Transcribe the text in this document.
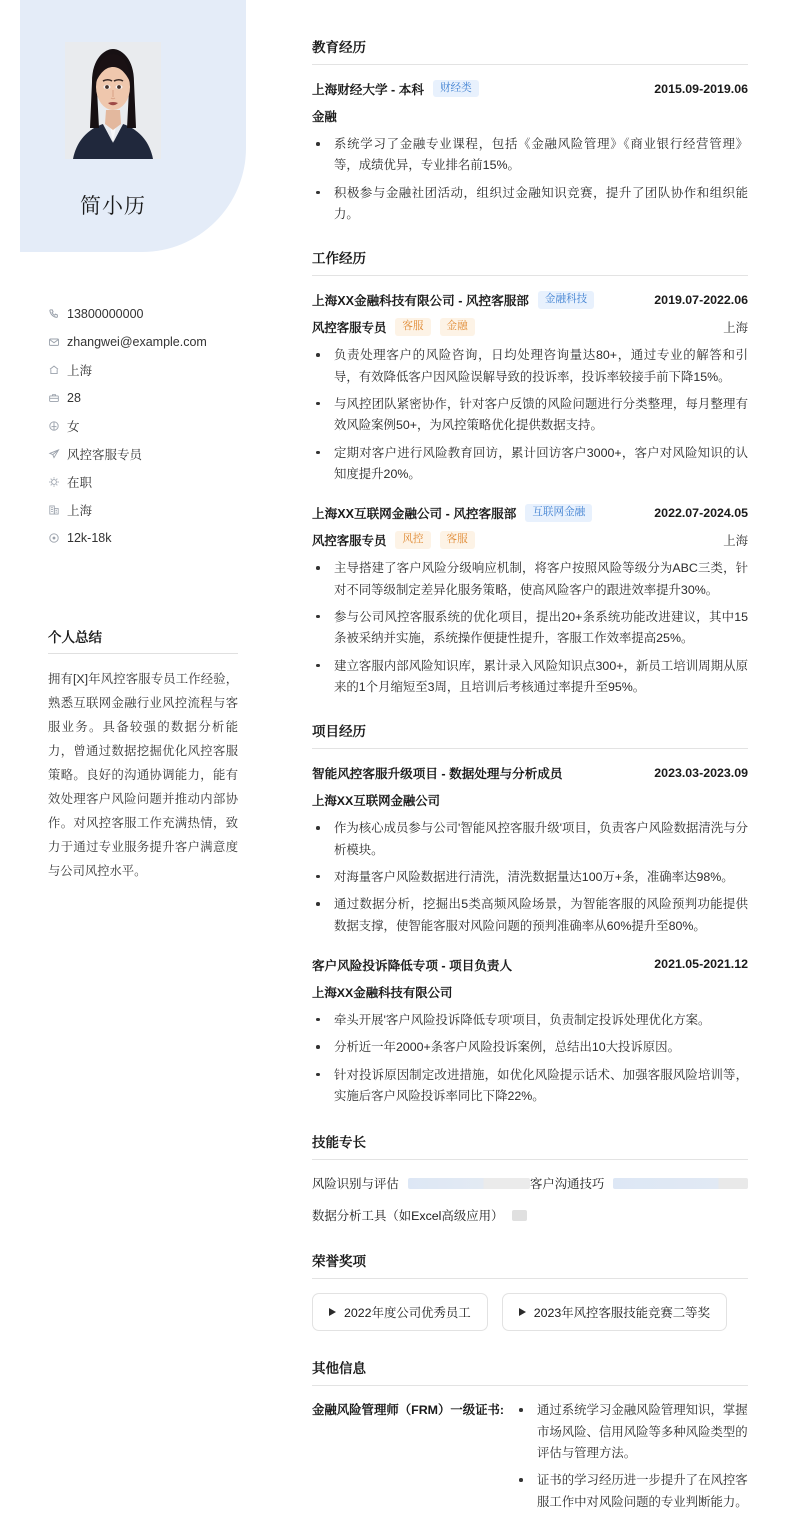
简小历
13800000000
zhangwei@example.com
上海
28
女
风控客服专员
在职
上海
12k-18k
个人总结
拥有[X]年风控客服专员工作经验，熟悉互联网金融行业风控流程与客服业务。具备较强的数据分析能力，曾通过数据挖掘优化风控客服策略。良好的沟通协调能力，能有效处理客户风险问题并推动内部协作。对风控客服工作充满热情，致力于通过专业服务提升客户满意度与公司风控水平。
教育经历
上海财经大学 - 本科	财经类	2015.09-2019.06
金融
系统学习了金融专业课程，包括《金融风险管理》《商业银行经营管理》等，成绩优异，专业排名前15%。
积极参与金融社团活动，组织过金融知识竞赛，提升了团队协作和组织能力。
工作经历
上海XX金融科技有限公司 - 风控客服部	金融科技	2019.07-2022.06
风控客服专员	客服	金融	上海
负责处理客户的风险咨询，日均处理咨询量达80+，通过专业的解答和引导，有效降低客户因风险误解导致的投诉率，投诉率较接手前下降15%。
与风控团队紧密协作，针对客户反馈的风险问题进行分类整理，每月整理有效风险案例50+，为风控策略优化提供数据支持。
定期对客户进行风险教育回访，累计回访客户3000+，客户对风险知识的认知度提升20%。
上海XX互联网金融公司 - 风控客服部	互联网金融	2022.07-2024.05
风控客服专员	风控	客服	上海
主导搭建了客户风险分级响应机制，将客户按照风险等级分为ABC三类，针对不同等级制定差异化服务策略，使高风险客户的跟进效率提升30%。
参与公司风控客服系统的优化项目，提出20+条系统功能改进建议，其中15条被采纳并实施，系统操作便捷性提升，客服工作效率提高25%。
建立客服内部风险知识库，累计录入风险知识点300+，新员工培训周期从原来的1个月缩短至3周，且培训后考核通过率提升至95%。
项目经历
智能风控客服升级项目 - 数据处理与分析成员	2023.03-2023.09
上海XX互联网金融公司
作为核心成员参与公司'智能风控客服升级'项目，负责客户风险数据清洗与分析模块。
对海量客户风险数据进行清洗，清洗数据量达100万+条，准确率达98%。
通过数据分析，挖掘出5类高频风险场景，为智能客服的风险预判功能提供数据支撑，使智能客服对风险问题的预判准确率从60%提升至80%。
客户风险投诉降低专项 - 项目负责人	2021.05-2021.12
上海XX金融科技有限公司
牵头开展'客户风险投诉降低专项'项目，负责制定投诉处理优化方案。
分析近一年2000+条客户风险投诉案例，总结出10大投诉原因。
针对投诉原因制定改进措施，如优化风险提示话术、加强客服风险培训等，实施后客户风险投诉率同比下降22%。
技能专长
风险识别与评估	客户沟通技巧
数据分析工具（如Excel高级应用）
荣誉奖项
2022年度公司优秀员工	2023年风控客服技能竞赛二等奖
其他信息
金融风险管理师（FRM）一级证书:	通过系统学习金融风险管理知识，掌握市场风险、信用风险等多种风险类型的评估与管理方法。
证书的学习经历进一步提升了在风控客服工作中对风险问题的专业判断能力。
